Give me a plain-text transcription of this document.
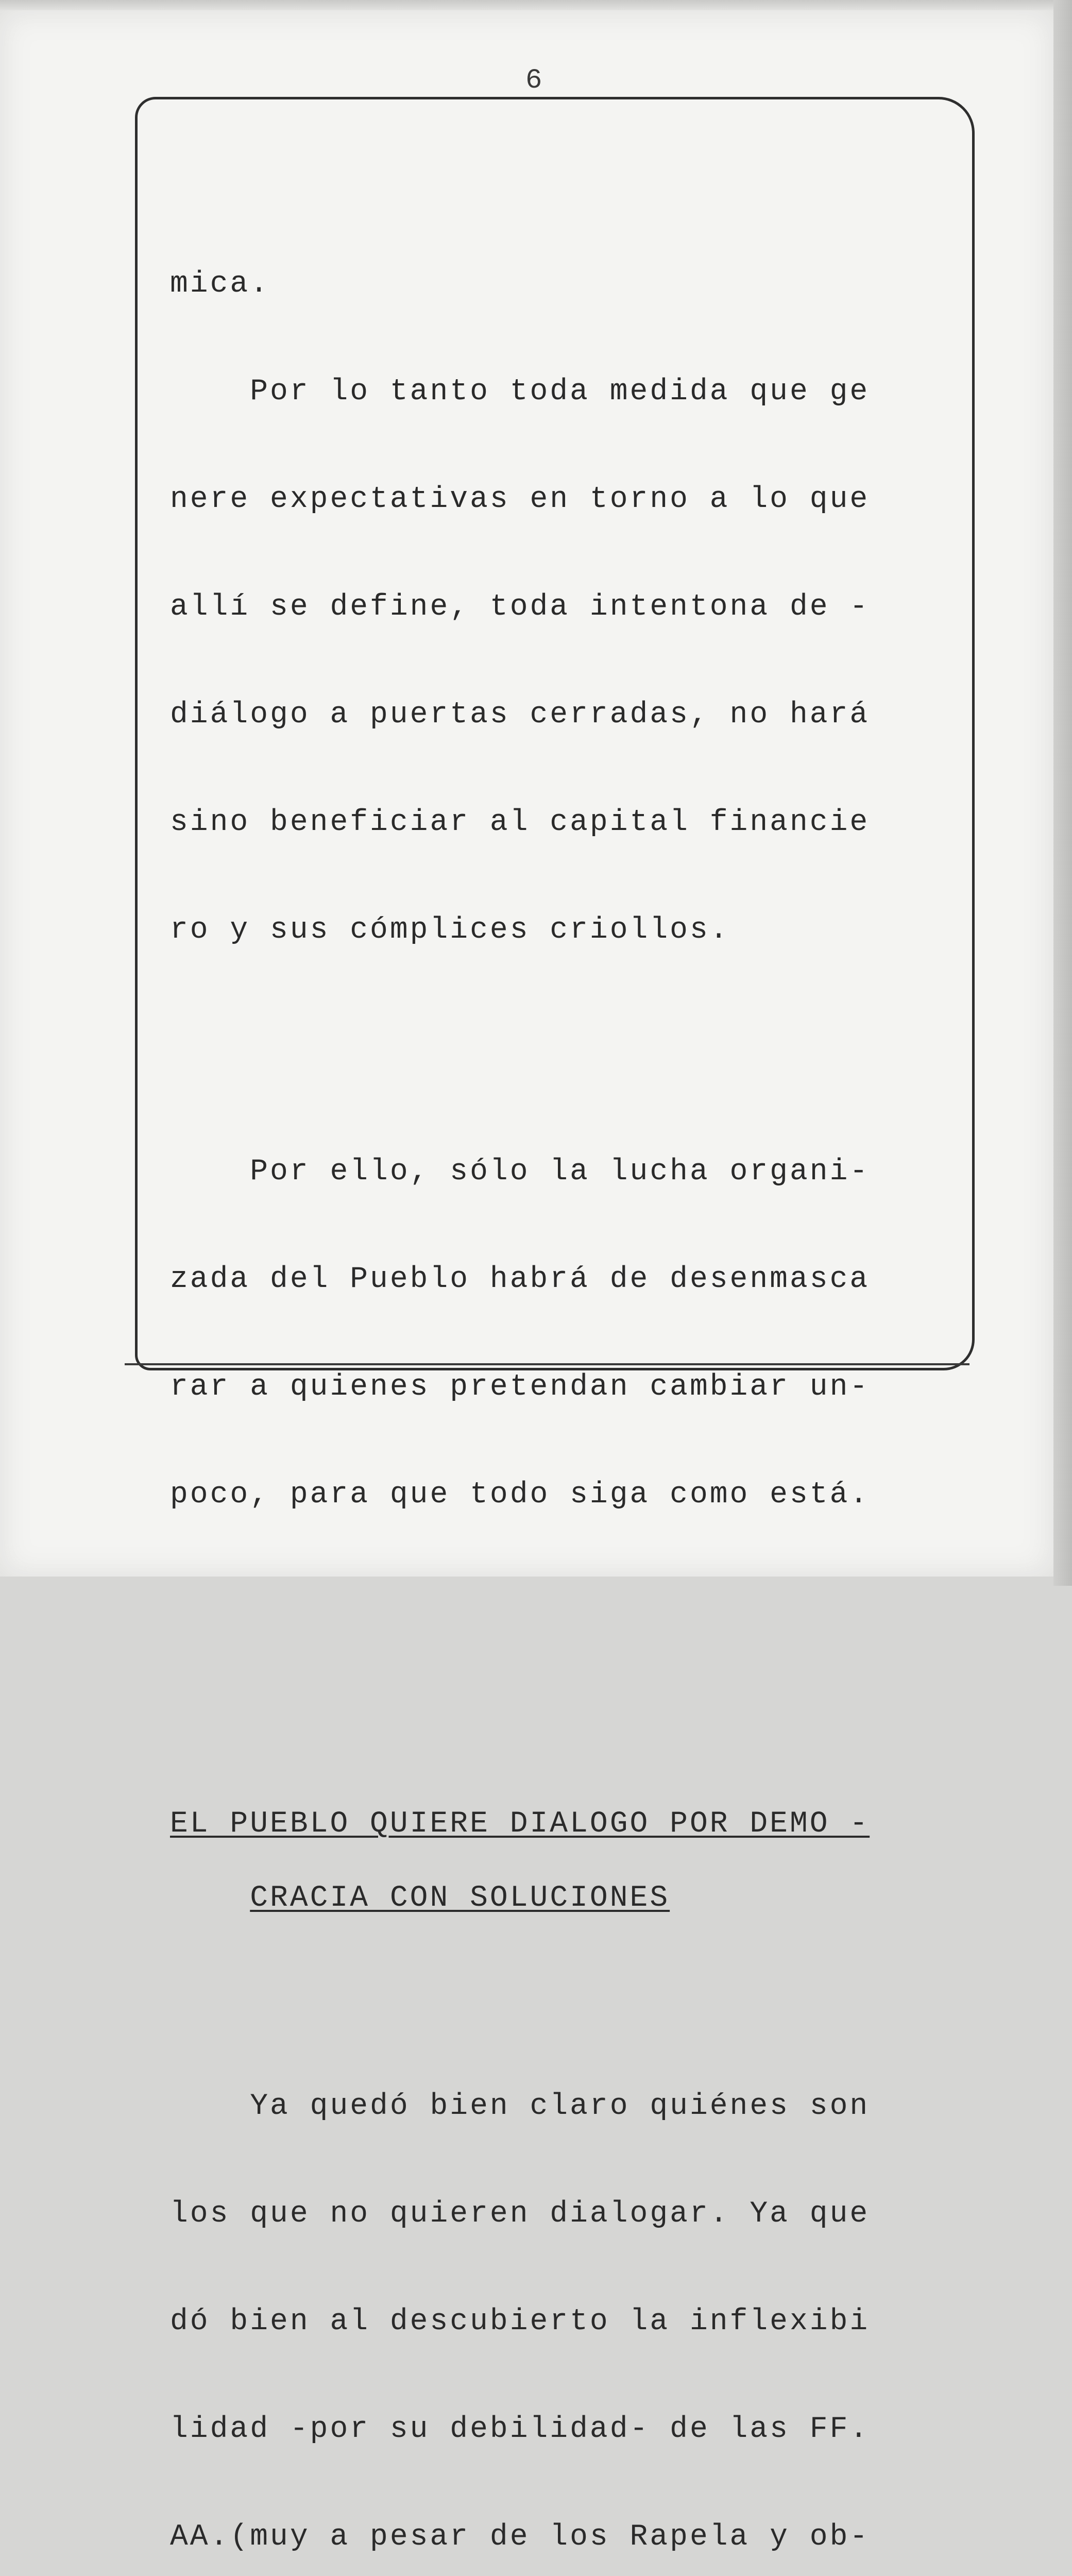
6

mica.

Por lo tanto toda medida que ge

nere expectativas en torno a lo que

allí se define, toda intentona de -

diálogo a puertas cerradas, no hará

sino beneficiar al capital financie

ro y sus cómplices criollos.

Por ello, sólo la lucha organi-

zada del Pueblo habrá de desenmasca

rar a quienes pretendan cambiar un-

poco, para que todo siga como está.

EL PUEBLO QUIERE DIALOGO POR DEMO -

CRACIA CON SOLUCIONES

Ya quedó bien claro quiénes son

los que no quieren dialogar. Ya que

dó bien al descubierto la inflexibi

lidad -por su debilidad- de las FF.

AA.(muy a pesar de los Rapela y ob-
